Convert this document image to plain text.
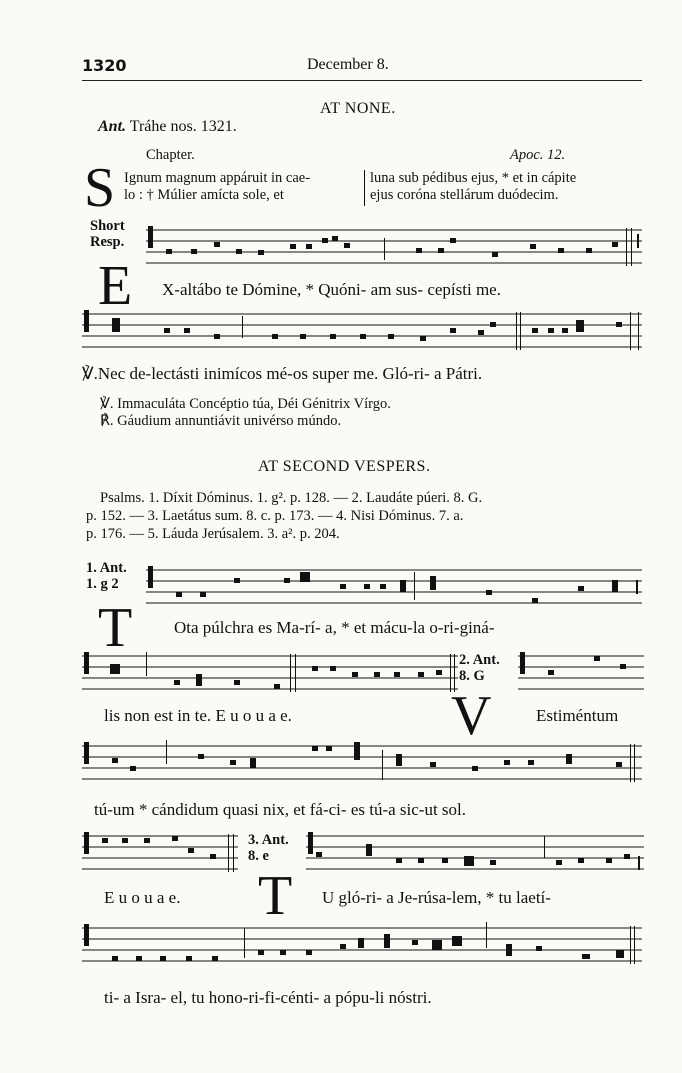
1320	December 8.
AT NONE.
Ant. Tráhe nos. 1321.
Chapter.	Apoc. 12.
S Ignum magnum appáruit in cae-
lo : † Múlier amícta sole, et
luna sub pédibus ejus, * et in cápite
ejus coróna stellárum duódecim.
Short
Resp.
E X-altábo te Dómine, * Quóni- am sus- cepísti me.
℣.Nec de-lectásti inimícos mé-os super me. Gló-ri- a Pátri.
℣. Immaculáta Concéptio túa, Déi Génitrix Vírgo.
℟. Gáudium annuntiávit univérso múndo.
AT SECOND VESPERS.
Psalms. 1. Díxit Dóminus. 1. g². p. 128. — 2. Laudáte púeri. 8. G.
p. 152. — 3. Laetátus sum. 8. c. p. 173. — 4. Nisi Dóminus. 7. a.
p. 176. — 5. Láuda Jerúsalem. 3. a². p. 204.
1. Ant.
1. g 2
T Ota púlchra es Ma-rí- a, * et mácu-la o-ri-giná-
lis non est in te. E u o u a e.
2. Ant.
8. G
V	Estiméntum
tú-um * cándidum quasi nix, et fá-ci- es tú-a sic-ut sol.
E u o u a e.
3. Ant.
8. e
T U gló-ri- a Je-rúsa-lem, * tu laetí-
ti- a Isra- el, tu hono-ri-fi-cénti- a pópu-li nóstri.
